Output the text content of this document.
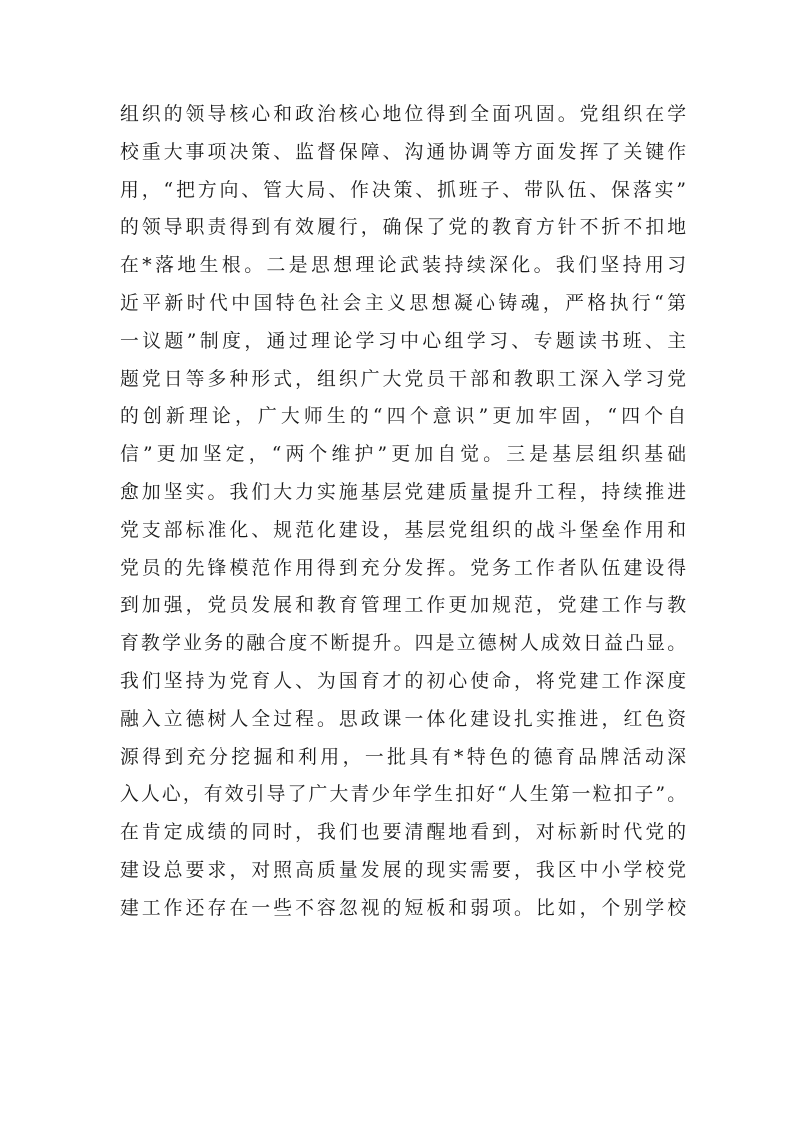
组织的领导核心和政治核心地位得到全面巩固。党组织在学
校重大事项决策、监督保障、沟通协调等方面发挥了关键作
用，“把方向、管大局、作决策、抓班子、带队伍、保落实”
的领导职责得到有效履行，确保了党的教育方针不折不扣地
在*落地生根。二是思想理论武装持续深化。我们坚持用习
近平新时代中国特色社会主义思想凝心铸魂，严格执行“第
一议题”制度，通过理论学习中心组学习、专题读书班、主
题党日等多种形式，组织广大党员干部和教职工深入学习党
的创新理论，广大师生的“四个意识”更加牢固，“四个自
信”更加坚定，“两个维护”更加自觉。三是基层组织基础
愈加坚实。我们大力实施基层党建质量提升工程，持续推进
党支部标准化、规范化建设，基层党组织的战斗堡垒作用和
党员的先锋模范作用得到充分发挥。党务工作者队伍建设得
到加强，党员发展和教育管理工作更加规范，党建工作与教
育教学业务的融合度不断提升。四是立德树人成效日益凸显。
我们坚持为党育人、为国育才的初心使命，将党建工作深度
融入立德树人全过程。思政课一体化建设扎实推进，红色资
源得到充分挖掘和利用，一批具有*特色的德育品牌活动深
入人心，有效引导了广大青少年学生扣好“人生第一粒扣子”。
在肯定成绩的同时，我们也要清醒地看到，对标新时代党的
建设总要求，对照高质量发展的现实需要，我区中小学校党
建工作还存在一些不容忽视的短板和弱项。比如，个别学校
